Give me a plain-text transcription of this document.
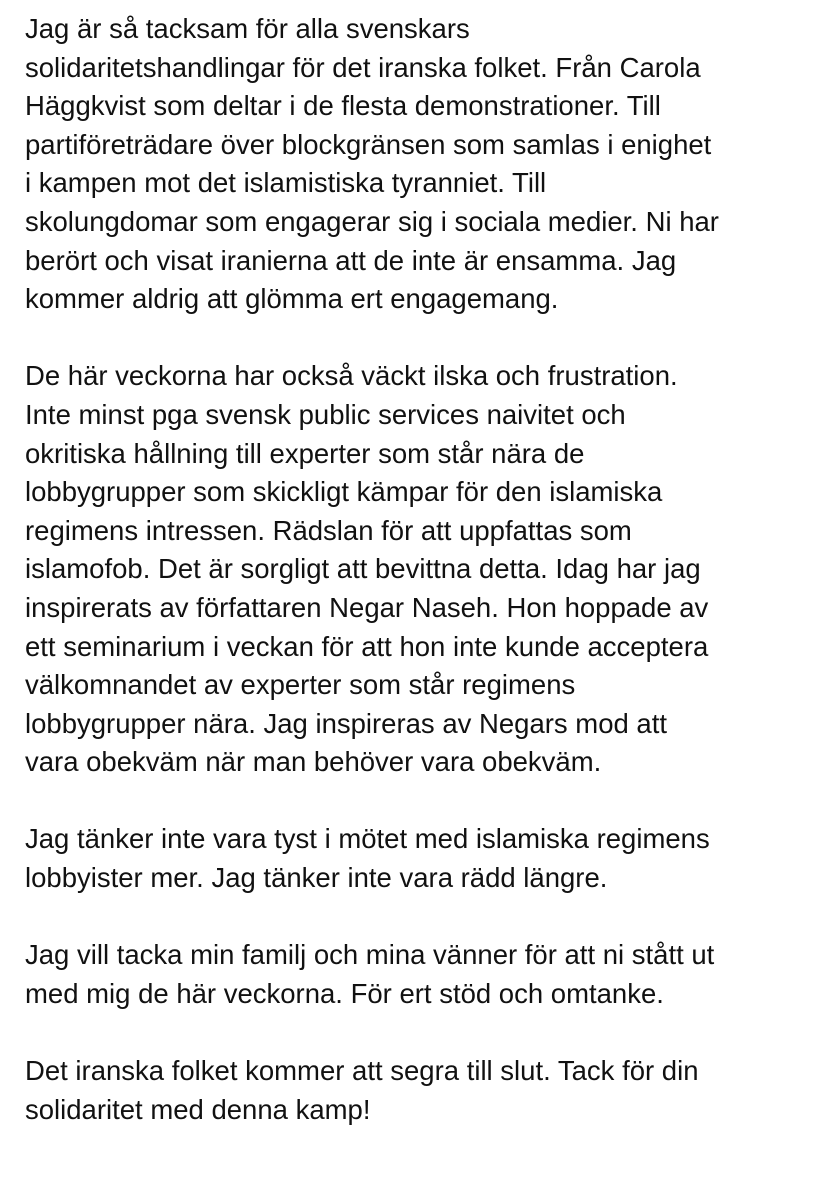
Jag är så tacksam för alla svenskars
solidaritetshandlingar för det iranska folket. Från Carola
Häggkvist som deltar i de flesta demonstrationer. Till
partiföreträdare över blockgränsen som samlas i enighet
i kampen mot det islamistiska tyranniet. Till
skolungdomar som engagerar sig i sociala medier. Ni har
berört och visat iranierna att de inte är ensamma. Jag
kommer aldrig att glömma ert engagemang.
De här veckorna har också väckt ilska och frustration.
Inte minst pga svensk public services naivitet och
okritiska hållning till experter som står nära de
lobbygrupper som skickligt kämpar för den islamiska
regimens intressen. Rädslan för att uppfattas som
islamofob. Det är sorgligt att bevittna detta. Idag har jag
inspirerats av författaren Negar Naseh. Hon hoppade av
ett seminarium i veckan för att hon inte kunde acceptera
välkomnandet av experter som står regimens
lobbygrupper nära. Jag inspireras av Negars mod att
vara obekväm när man behöver vara obekväm.
Jag tänker inte vara tyst i mötet med islamiska regimens
lobbyister mer. Jag tänker inte vara rädd längre.
Jag vill tacka min familj och mina vänner för att ni stått ut
med mig de här veckorna. För ert stöd och omtanke.
Det iranska folket kommer att segra till slut. Tack för din
solidaritet med denna kamp!
